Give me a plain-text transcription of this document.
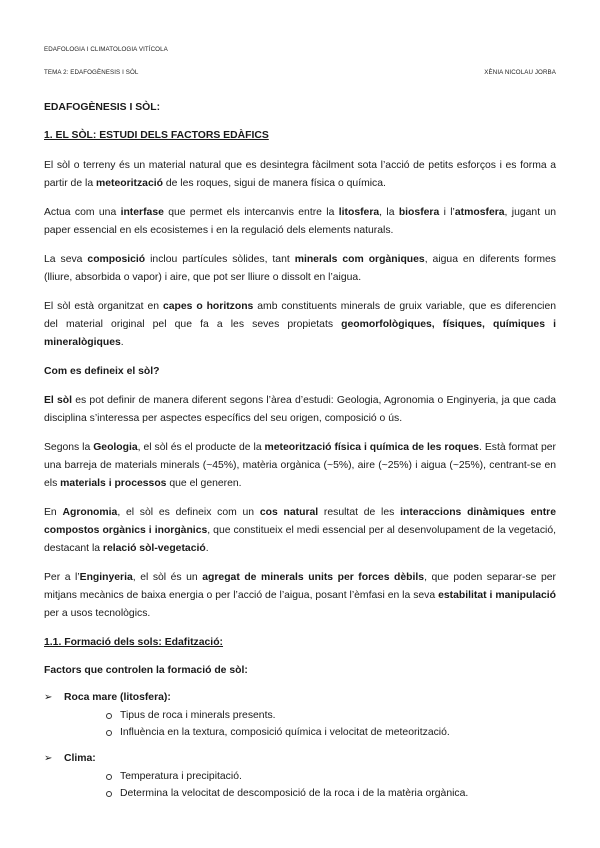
EDAFOLOGIA I CLIMATOLOGIA VITÍCOLA
TEMA 2: EDAFOGÈNESIS I SÒL	XÈNIA NICOLAU JORBA

EDAFOGÈNESIS I SÒL:

1. EL SÒL: ESTUDI DELS FACTORS EDÀFICS

El sòl o terreny és un material natural que es desintegra fàcilment sota l’acció de petits esforços i es forma a partir de la meteorització de les roques, sigui de manera física o química.

Actua com una interfase que permet els intercanvis entre la litosfera, la biosfera i l’atmosfera, jugant un paper essencial en els ecosistemes i en la regulació dels elements naturals.

La seva composició inclou partícules sòlides, tant minerals com orgàniques, aigua en diferents formes (lliure, absorbida o vapor) i aire, que pot ser lliure o dissolt en l’aigua.

El sòl està organitzat en capes o horitzons amb constituents minerals de gruix variable, que es diferencien del material original pel que fa a les seves propietats geomorfològiques, físiques, químiques i mineralògiques.

Com es defineix el sòl?

El sòl es pot definir de manera diferent segons l’àrea d’estudi: Geologia, Agronomia o Enginyeria, ja que cada disciplina s’interessa per aspectes específics del seu origen, composició o ús.

Segons la Geologia, el sòl és el producte de la meteorització física i química de les roques. Està format per una barreja de materials minerals (~45%), matèria orgànica (~5%), aire (~25%) i aigua (~25%), centrant-se en els materials i processos que el generen.

En Agronomia, el sòl es defineix com un cos natural resultat de les interaccions dinàmiques entre compostos orgànics i inorgànics, que constitueix el medi essencial per al desenvolupament de la vegetació, destacant la relació sòl-vegetació.

Per a l’Enginyeria, el sòl és un agregat de minerals units per forces dèbils, que poden separar-se per mitjans mecànics de baixa energia o per l’acció de l’aigua, posant l’èmfasi en la seva estabilitat i manipulació per a usos tecnològics.

1.1. Formació dels sols: Edafització:

Factors que controlen la formació de sòl:

➢ Roca mare (litosfera):
Tipus de roca i minerals presents.
Influència en la textura, composició química i velocitat de meteorització.
➢ Clima:
Temperatura i precipitació.
Determina la velocitat de descomposició de la roca i de la matèria orgànica.
